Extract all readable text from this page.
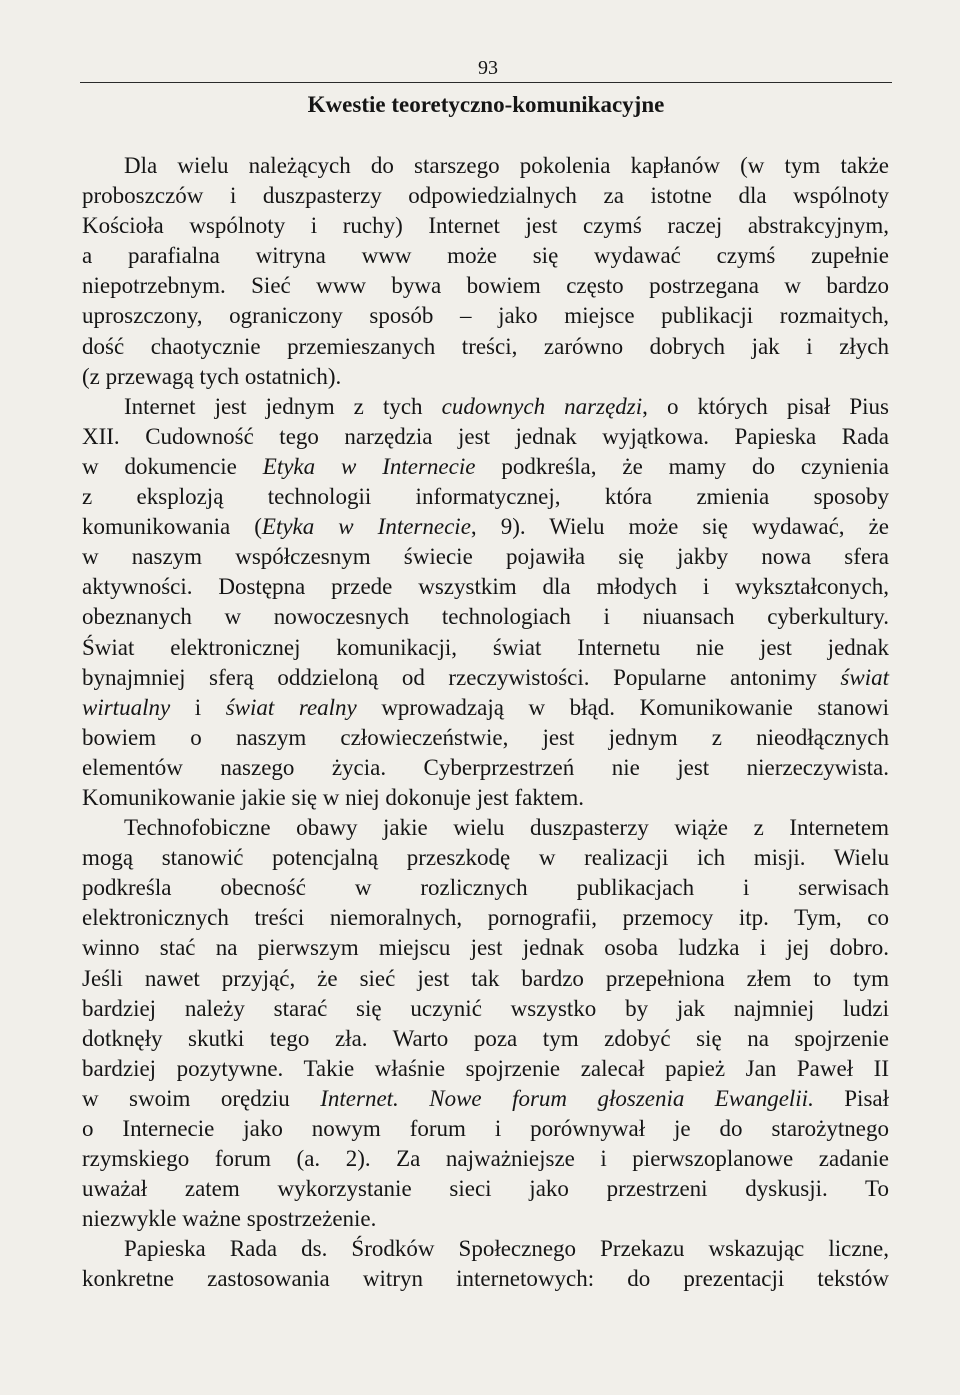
93
Kwestie teoretyczno-komunikacyjne
Dla wielu należących do starszego pokolenia kapłanów (w tym także
proboszczów i duszpasterzy odpowiedzialnych za istotne dla wspólnoty
Kościoła wspólnoty i ruchy) Internet jest czymś raczej abstrakcyjnym,
a parafialna witryna www może się wydawać czymś zupełnie
niepotrzebnym. Sieć www bywa bowiem często postrzegana w bardzo
uproszczony, ograniczony sposób – jako miejsce publikacji rozmaitych,
dość chaotycznie przemieszanych treści, zarówno dobrych jak i złych
(z przewagą tych ostatnich).
Internet jest jednym z tych cudownych narzędzi, o których pisał Pius
XII. Cudowność tego narzędzia jest jednak wyjątkowa. Papieska Rada
w dokumencie Etyka w Internecie podkreśla, że mamy do czynienia
z eksplozją technologii informatycznej, która zmienia sposoby
komunikowania (Etyka w Internecie, 9). Wielu może się wydawać, że
w naszym współczesnym świecie pojawiła się jakby nowa sfera
aktywności. Dostępna przede wszystkim dla młodych i wykształconych,
obeznanych w nowoczesnych technologiach i niuansach cyberkultury.
Świat elektronicznej komunikacji, świat Internetu nie jest jednak
bynajmniej sferą oddzieloną od rzeczywistości. Popularne antonimy świat
wirtualny i świat realny wprowadzają w błąd. Komunikowanie stanowi
bowiem o naszym człowieczeństwie, jest jednym z nieodłącznych
elementów naszego życia. Cyberprzestrzeń nie jest nierzeczywista.
Komunikowanie jakie się w niej dokonuje jest faktem.
Technofobiczne obawy jakie wielu duszpasterzy wiąże z Internetem
mogą stanowić potencjalną przeszkodę w realizacji ich misji. Wielu
podkreśla obecność w rozlicznych publikacjach i serwisach
elektronicznych treści niemoralnych, pornografii, przemocy itp. Tym, co
winno stać na pierwszym miejscu jest jednak osoba ludzka i jej dobro.
Jeśli nawet przyjąć, że sieć jest tak bardzo przepełniona złem to tym
bardziej należy starać się uczynić wszystko by jak najmniej ludzi
dotknęły skutki tego zła. Warto poza tym zdobyć się na spojrzenie
bardziej pozytywne. Takie właśnie spojrzenie zalecał papież Jan Paweł II
w swoim orędziu Internet. Nowe forum głoszenia Ewangelii. Pisał
o Internecie jako nowym forum i porównywał je do starożytnego
rzymskiego forum (a. 2). Za najważniejsze i pierwszoplanowe zadanie
uważał zatem wykorzystanie sieci jako przestrzeni dyskusji. To
niezwykle ważne spostrzeżenie.
Papieska Rada ds. Środków Społecznego Przekazu wskazując liczne,
konkretne zastosowania witryn internetowych: do prezentacji tekstów
